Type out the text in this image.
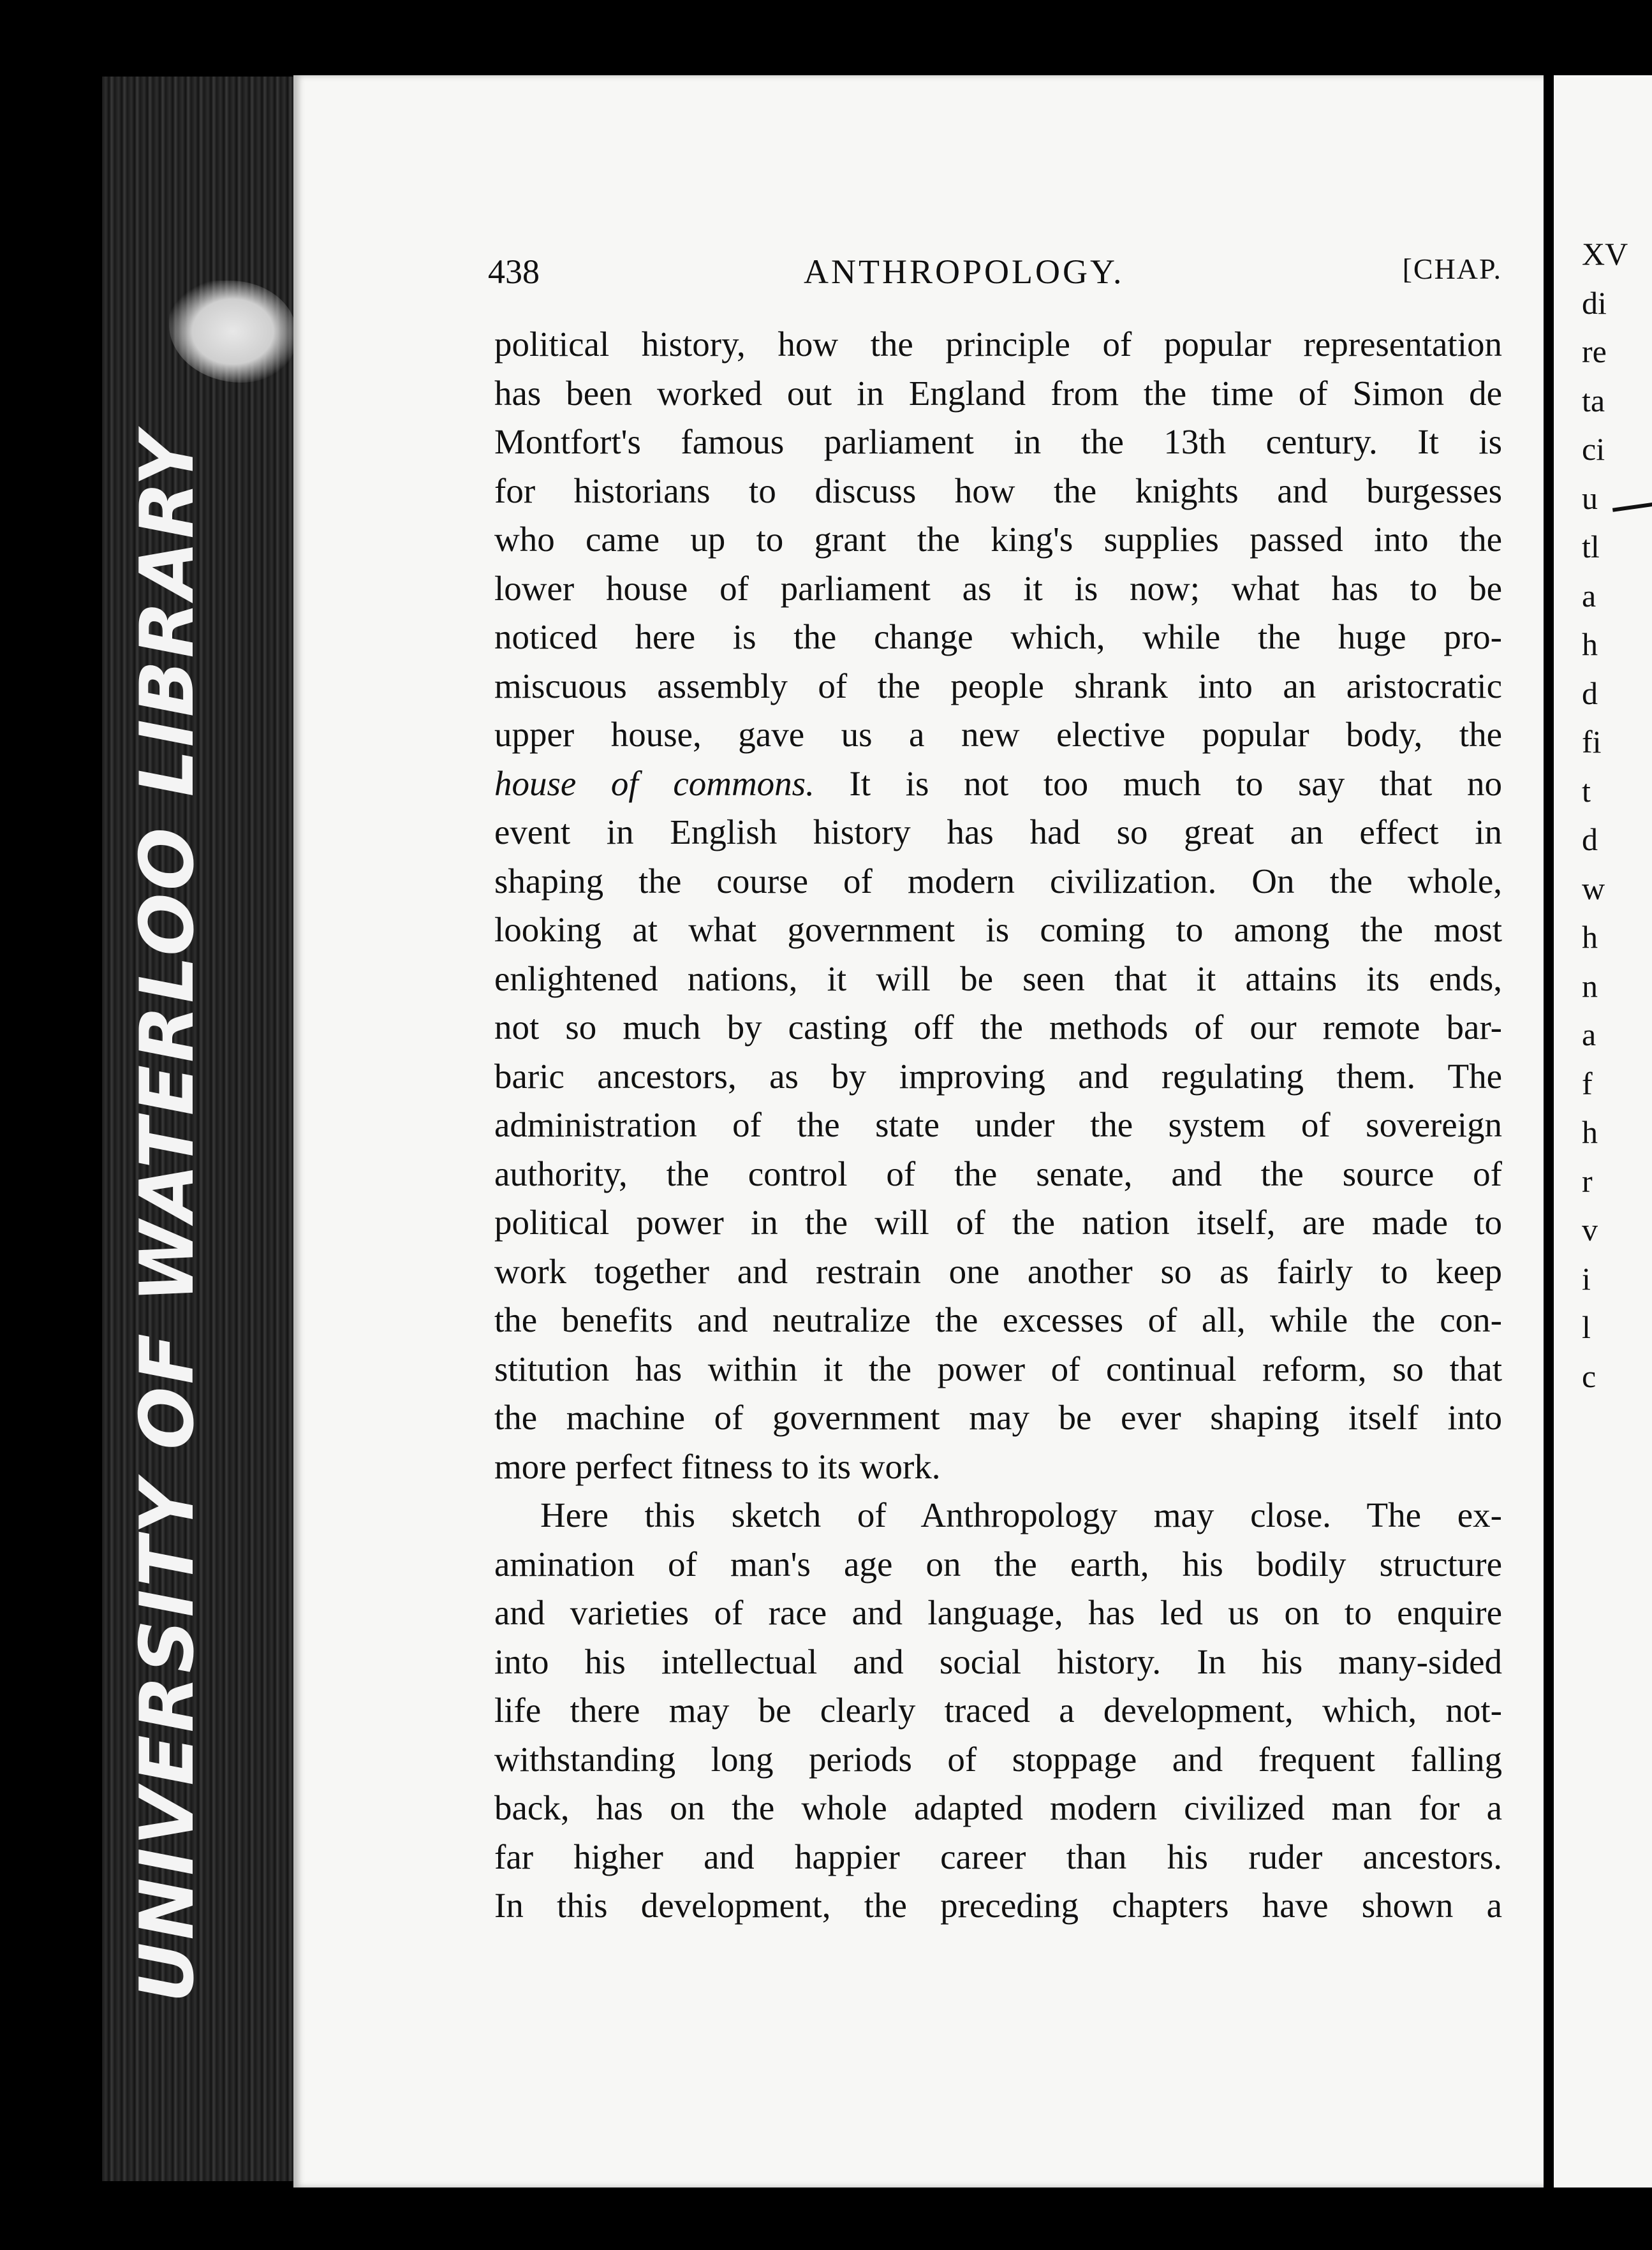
UNIVERSITY OF WATERLOO LIBRARY
438	ANTHROPOLOGY.	[CHAP.
political history, how the principle of popular representation
has been worked out in England from the time of Simon de
Montfort's famous parliament in the 13th century. It is
for historians to discuss how the knights and burgesses
who came up to grant the king's supplies passed into the
lower house of parliament as it is now; what has to be
noticed here is the change which, while the huge pro-
miscuous assembly of the people shrank into an aristocratic
upper house, gave us a new elective popular body, the
house of commons. It is not too much to say that no
event in English history has had so great an effect in
shaping the course of modern civilization. On the whole,
looking at what government is coming to among the most
enlightened nations, it will be seen that it attains its ends,
not so much by casting off the methods of our remote bar-
baric ancestors, as by improving and regulating them. The
administration of the state under the system of sovereign
authority, the control of the senate, and the source of
political power in the will of the nation itself, are made to
work together and restrain one another so as fairly to keep
the benefits and neutralize the excesses of all, while the con-
stitution has within it the power of continual reform, so that
the machine of government may be ever shaping itself into
more perfect fitness to its work.
Here this sketch of Anthropology may close. The ex-
amination of man's age on the earth, his bodily structure
and varieties of race and language, has led us on to enquire
into his intellectual and social history. In his many-sided
life there may be clearly traced a development, which, not-
withstanding long periods of stoppage and frequent falling
back, has on the whole adapted modern civilized man for a
far higher and happier career than his ruder ancestors.
In this development, the preceding chapters have shown a
XV
di
re
ta
ci
u
tl
a
h
d
fi
t
d
w
h
n
a
f
h
r
v
i
l
c
